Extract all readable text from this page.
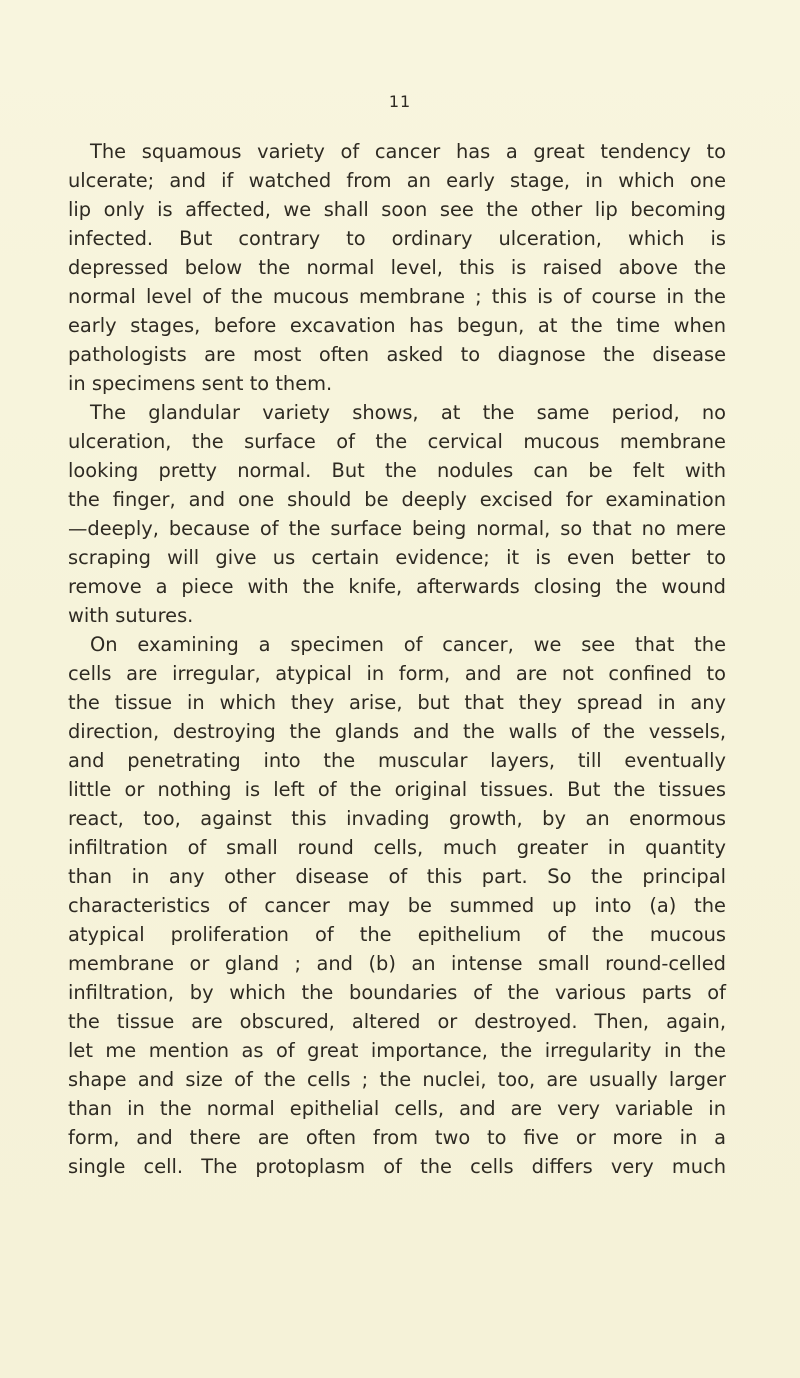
11
The squamous variety of cancer has a great tendency to
ulcerate; and if watched from an early stage, in which one
lip only is affected, we shall soon see the other lip becoming
infected. But contrary to ordinary ulceration, which is
depressed below the normal level, this is raised above the
normal level of the mucous membrane ; this is of course in the
early stages, before excavation has begun, at the time when
pathologists are most often asked to diagnose the disease
in specimens sent to them.
The glandular variety shows, at the same period, no
ulceration, the surface of the cervical mucous membrane
looking pretty normal. But the nodules can be felt with
the finger, and one should be deeply excised for examination
—deeply, because of the surface being normal, so that no mere
scraping will give us certain evidence; it is even better to
remove a piece with the knife, afterwards closing the wound
with sutures.
On examining a specimen of cancer, we see that the
cells are irregular, atypical in form, and are not confined to
the tissue in which they arise, but that they spread in any
direction, destroying the glands and the walls of the vessels,
and penetrating into the muscular layers, till eventually
little or nothing is left of the original tissues. But the tissues
react, too, against this invading growth, by an enormous
infiltration of small round cells, much greater in quantity
than in any other disease of this part. So the principal
characteristics of cancer may be summed up into (a) the
atypical proliferation of the epithelium of the mucous
membrane or gland ; and (b) an intense small round-celled
infiltration, by which the boundaries of the various parts of
the tissue are obscured, altered or destroyed. Then, again,
let me mention as of great importance, the irregularity in the
shape and size of the cells ; the nuclei, too, are usually larger
than in the normal epithelial cells, and are very variable in
form, and there are often from two to five or more in a
single cell. The protoplasm of the cells differs very much
